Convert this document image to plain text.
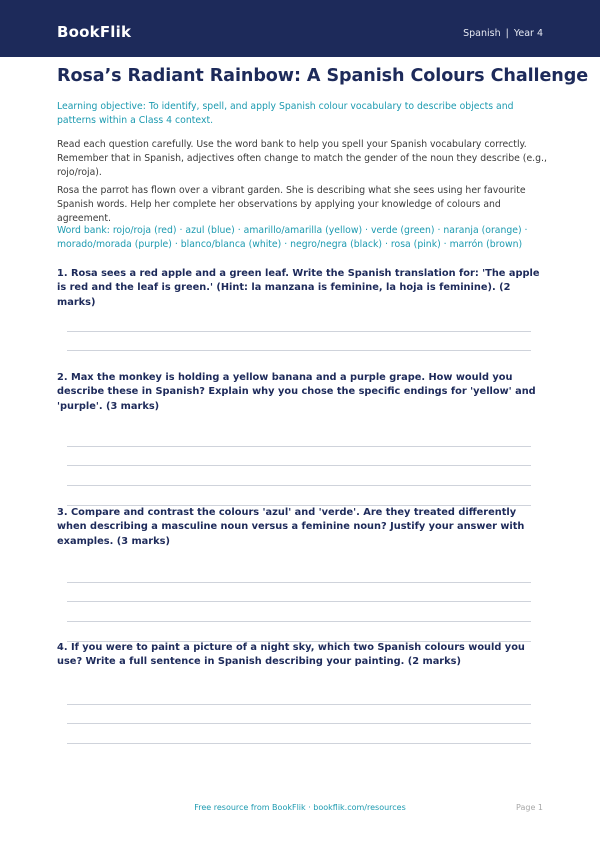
BookFlik	Spanish | Year 4
Rosa’s Radiant Rainbow: A Spanish Colours Challenge
Learning objective: To identify, spell, and apply Spanish colour vocabulary to describe objects and patterns within a Class 4 context.
Read each question carefully. Use the word bank to help you spell your Spanish vocabulary correctly. Remember that in Spanish, adjectives often change to match the gender of the noun they describe (e.g., rojo/roja).
Rosa the parrot has flown over a vibrant garden. She is describing what she sees using her favourite Spanish words. Help her complete her observations by applying your knowledge of colours and agreement.
Word bank: rojo/roja (red) · azul (blue) · amarillo/amarilla (yellow) · verde (green) · naranja (orange) · morado/morada (purple) · blanco/blanca (white) · negro/negra (black) · rosa (pink) · marrón (brown)
1. Rosa sees a red apple and a green leaf. Write the Spanish translation for: 'The apple is red and the leaf is green.' (Hint: la manzana is feminine, la hoja is feminine). (2 marks)
2. Max the monkey is holding a yellow banana and a purple grape. How would you describe these in Spanish? Explain why you chose the specific endings for 'yellow' and 'purple'. (3 marks)
3. Compare and contrast the colours 'azul' and 'verde'. Are they treated differently when describing a masculine noun versus a feminine noun? Justify your answer with examples. (3 marks)
4. If you were to paint a picture of a night sky, which two Spanish colours would you use? Write a full sentence in Spanish describing your painting. (2 marks)
Free resource from BookFlik · bookflik.com/resources	Page 1
